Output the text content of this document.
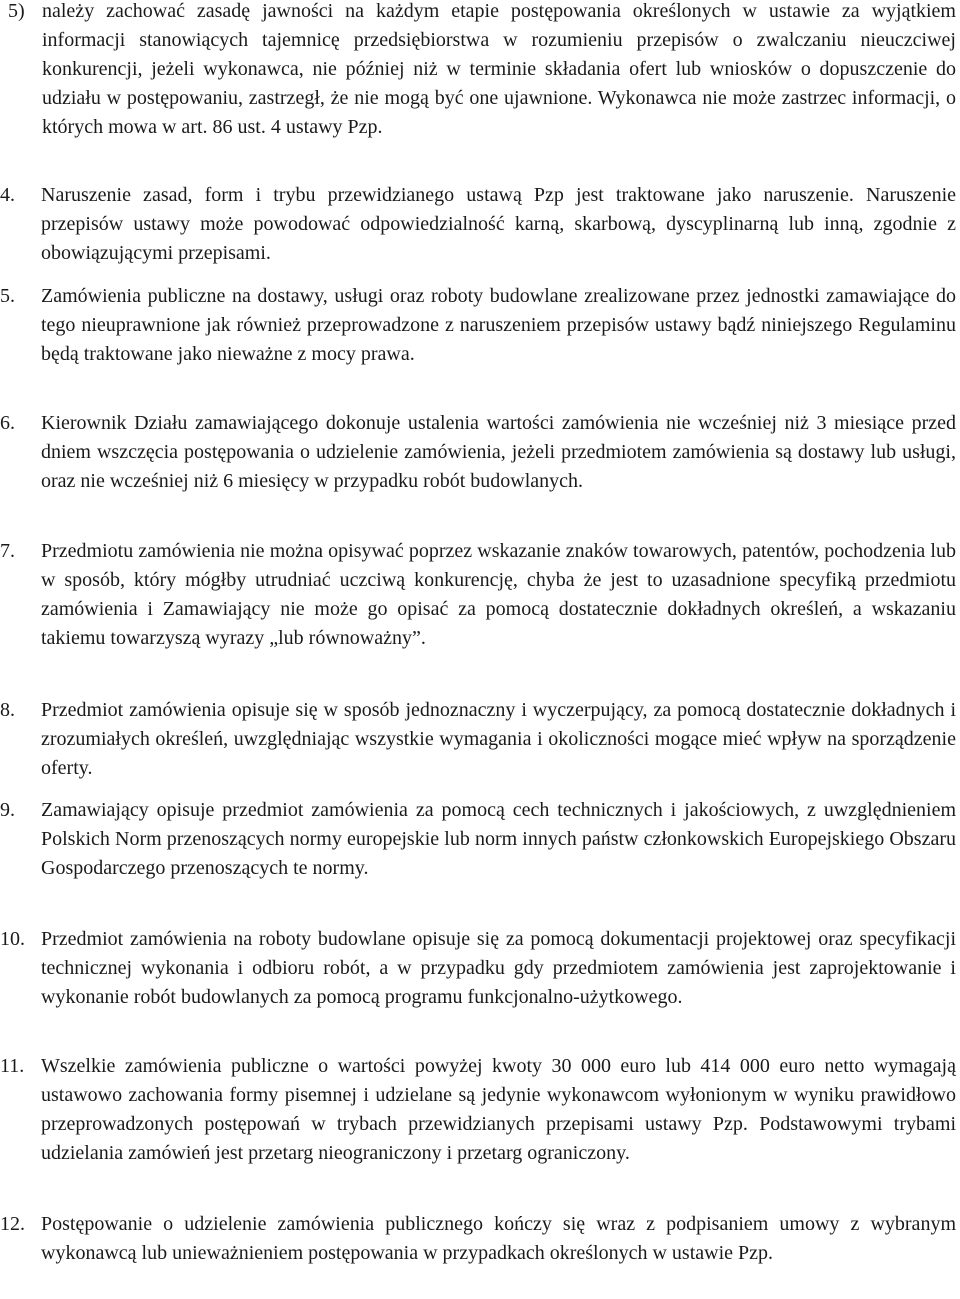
5) należy zachować zasadę jawności na każdym etapie postępowania określonych w ustawie za wyjątkiem informacji stanowiących tajemnicę przedsiębiorstwa w rozumieniu przepisów o zwalczaniu nieuczciwej konkurencji, jeżeli wykonawca, nie później niż w terminie składania ofert lub wniosków o dopuszczenie do udziału w postępowaniu, zastrzegł, że nie mogą być one ujawnione. Wykonawca nie może zastrzec informacji, o których mowa w art. 86 ust. 4 ustawy Pzp.

4.	Naruszenie zasad, form i trybu przewidzianego ustawą Pzp jest traktowane jako naruszenie. Naruszenie przepisów ustawy może powodować odpowiedzialność karną, skarbową, dyscyplinarną lub inną, zgodnie z obowiązującymi przepisami.

5.	Zamówienia publiczne na dostawy, usługi oraz roboty budowlane zrealizowane przez jednostki zamawiające do tego nieuprawnione jak również przeprowadzone z naruszeniem przepisów ustawy bądź niniejszego Regulaminu będą traktowane jako nieważne z mocy prawa.

6.	Kierownik Działu zamawiającego dokonuje ustalenia wartości zamówienia nie wcześniej niż 3 miesiące przed dniem wszczęcia postępowania o udzielenie zamówienia, jeżeli przedmiotem zamówienia są dostawy lub usługi, oraz nie wcześniej niż 6 miesięcy w przypadku robót budowlanych.

7.	Przedmiotu zamówienia nie można opisywać poprzez wskazanie znaków towarowych, patentów, pochodzenia lub w sposób, który mógłby utrudniać uczciwą konkurencję, chyba że jest to uzasadnione specyfiką przedmiotu zamówienia i Zamawiający nie może go opisać za pomocą dostatecznie dokładnych określeń, a wskazaniu takiemu towarzyszą wyrazy „lub równoważny”.

8.	Przedmiot zamówienia opisuje się w sposób jednoznaczny i wyczerpujący, za pomocą dostatecznie dokładnych i zrozumiałych określeń, uwzględniając wszystkie wymagania i okoliczności mogące mieć wpływ na sporządzenie oferty.

9.	Zamawiający opisuje przedmiot zamówienia za pomocą cech technicznych i jakościowych, z uwzględnieniem Polskich Norm przenoszących normy europejskie lub norm innych państw członkowskich Europejskiego Obszaru Gospodarczego przenoszących te normy.

10. Przedmiot zamówienia na roboty budowlane opisuje się za pomocą dokumentacji projektowej oraz specyfikacji technicznej wykonania i odbioru robót, a w przypadku gdy przedmiotem zamówienia jest zaprojektowanie i wykonanie robót budowlanych za pomocą programu funkcjonalno-użytkowego.

11. Wszelkie zamówienia publiczne o wartości powyżej kwoty 30 000 euro lub 414 000 euro netto wymagają ustawowo zachowania formy pisemnej i udzielane są jedynie wykonawcom wyłonionym w wyniku prawidłowo przeprowadzonych postępowań w trybach przewidzianych przepisami ustawy Pzp. Podstawowymi trybami udzielania zamówień jest przetarg nieograniczony i przetarg ograniczony.

12. Postępowanie o udzielenie zamówienia publicznego kończy się wraz z podpisaniem umowy z wybranym wykonawcą lub unieważnieniem postępowania w przypadkach określonych w ustawie Pzp.
